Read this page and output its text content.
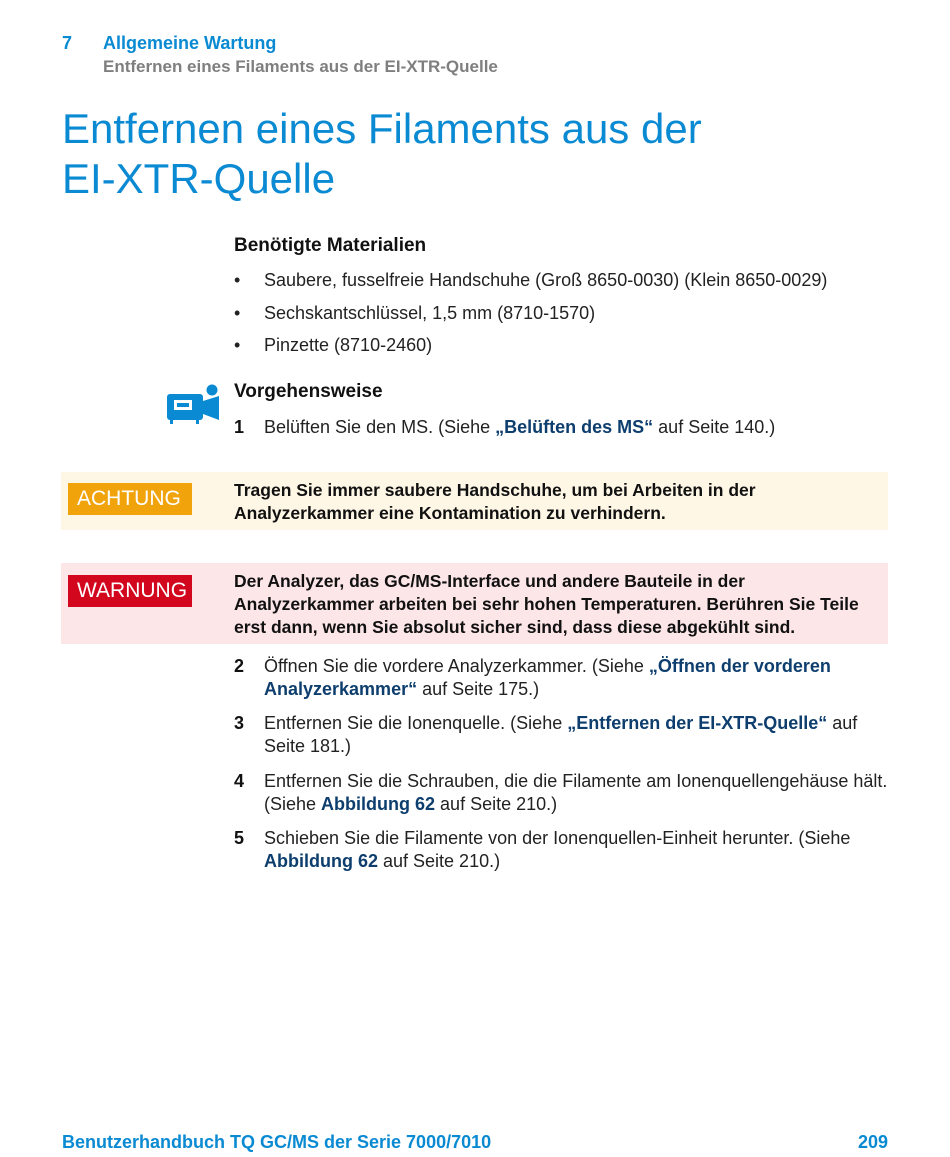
7 Allgemeine Wartung
Entfernen eines Filaments aus der EI-XTR-Quelle
Entfernen eines Filaments aus der
EI-XTR-Quelle
Benötigte Materialien
• Saubere, fusselfreie Handschuhe (Groß 8650-0030) (Klein 8650-0029)
• Sechskantschlüssel, 1,5 mm (8710-1570)
• Pinzette (8710-2460)
Vorgehensweise
1 Belüften Sie den MS. (Siehe „Belüften des MS“ auf Seite 140.)
ACHTUNG	Tragen Sie immer saubere Handschuhe, um bei Arbeiten in der Analyzerkammer eine Kontamination zu verhindern.
WARNUNG	Der Analyzer, das GC/MS-Interface und andere Bauteile in der Analyzerkammer arbeiten bei sehr hohen Temperaturen. Berühren Sie Teile erst dann, wenn Sie absolut sicher sind, dass diese abgekühlt sind.
2 Öffnen Sie die vordere Analyzerkammer. (Siehe „Öffnen der vorderen Analyzerkammer“ auf Seite 175.)
3 Entfernen Sie die Ionenquelle. (Siehe „Entfernen der EI-XTR-Quelle“ auf Seite 181.)
4 Entfernen Sie die Schrauben, die die Filamente am Ionenquellengehäuse hält. (Siehe Abbildung 62 auf Seite 210.)
5 Schieben Sie die Filamente von der Ionenquellen-Einheit herunter. (Siehe Abbildung 62 auf Seite 210.)
Benutzerhandbuch TQ GC/MS der Serie 7000/7010	209
